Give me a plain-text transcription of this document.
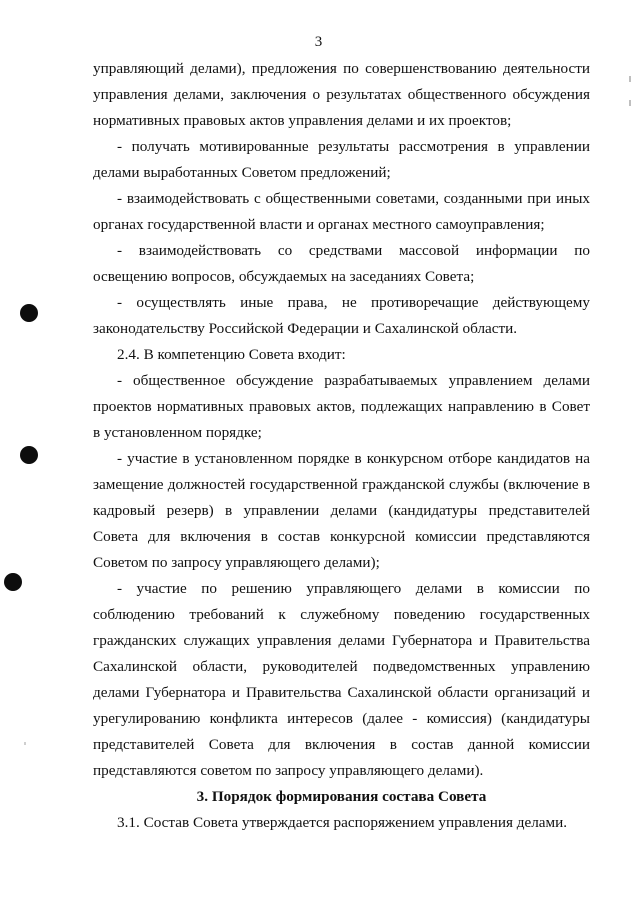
3

управляющий делами), предложения по совершенствованию деятельности управления делами, заключения о результатах общественного обсуждения нормативных правовых актов управления делами и их проектов;

- получать мотивированные результаты рассмотрения в управлении делами выработанных Советом предложений;

- взаимодействовать с общественными советами, созданными при иных органах государственной власти и органах местного самоуправления;

- взаимодействовать со средствами массовой информации по освещению вопросов, обсуждаемых на заседаниях Совета;

- осуществлять иные права, не противоречащие действующему законодательству Российской Федерации и Сахалинской области.

2.4. В компетенцию Совета входит:

- общественное обсуждение разрабатываемых управлением делами проектов нормативных правовых актов, подлежащих направлению в Совет в установленном порядке;

- участие в установленном порядке в конкурсном отборе кандидатов на замещение должностей государственной гражданской службы (включение в кадровый резерв) в управлении делами (кандидатуры представителей Совета для включения в состав конкурсной комиссии представляются Советом по запросу управляющего делами);

- участие по решению управляющего делами в комиссии по соблюдению требований к служебному поведению государственных гражданских служащих управления делами Губернатора и Правительства Сахалинской области, руководителей подведомственных управлению делами Губернатора и Правительства Сахалинской области организаций и урегулированию конфликта интересов (далее - комиссия) (кандидатуры представителей Совета для включения в состав данной комиссии представляются советом по запросу управляющего делами).

3. Порядок формирования состава Совета

3.1. Состав Совета утверждается распоряжением управления делами.
